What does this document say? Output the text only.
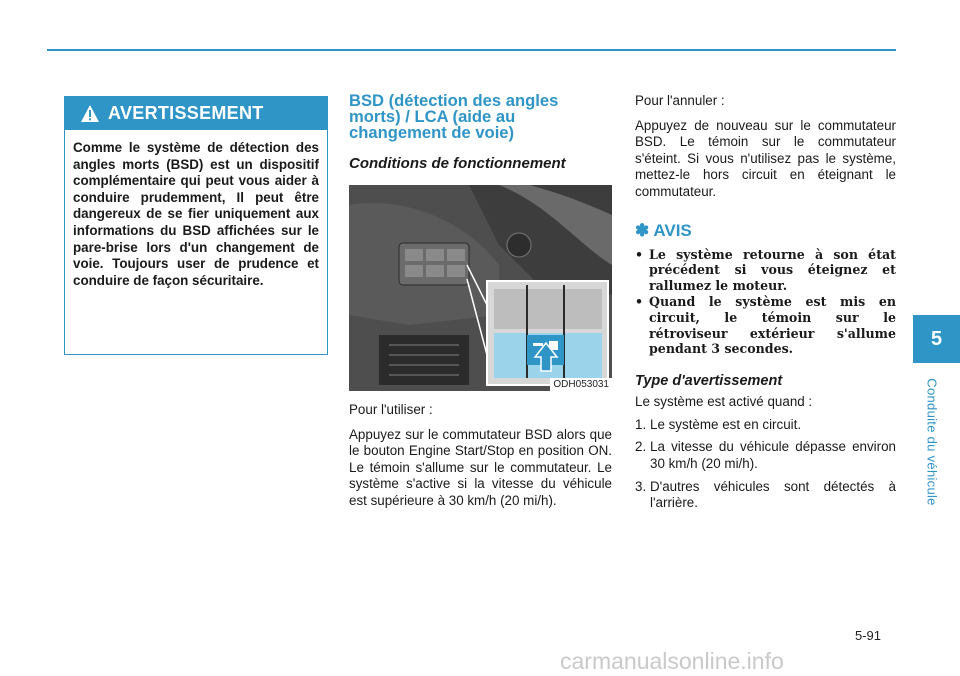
AVERTISSEMENT
Comme le système de détection des angles morts (BSD) est un dispositif complémentaire qui peut vous aider à conduire prudemment, Il peut être dangereux de se fier uniquement aux informations du BSD affichées sur le pare-brise lors d'un changement de voie. Toujours user de prudence et conduire de façon sécuritaire.
BSD (détection des angles morts) / LCA (aide au changement de voie)
Conditions de fonctionnement
ODH053031

Pour l'utiliser :

Appuyez sur le commutateur BSD alors que le bouton Engine Start/Stop en position ON. Le témoin s'allume sur le commutateur. Le système s'active si la vitesse du véhicule est supérieure à 30 km/h (20 mi/h).

Pour l'annuler :

Appuyez de nouveau sur le commutateur BSD. Le témoin sur le commutateur s'éteint. Si vous n'utilisez pas le système, mettez-le hors circuit en éteignant le commutateur.

✽ AVIS
• Le système retourne à son état précédent si vous éteignez et rallumez le moteur.
• Quand le système est mis en circuit, le témoin sur le rétroviseur extérieur s'allume pendant 3 secondes.
Type d'avertissement

Le système est activé quand :

1. Le système est en circuit.
2. La vitesse du véhicule dépasse environ 30 km/h (20 mi/h).
3. D'autres véhicules sont détectés à l'arrière.
5
Conduite du véhicule
5-91
carmanualsonline.info
